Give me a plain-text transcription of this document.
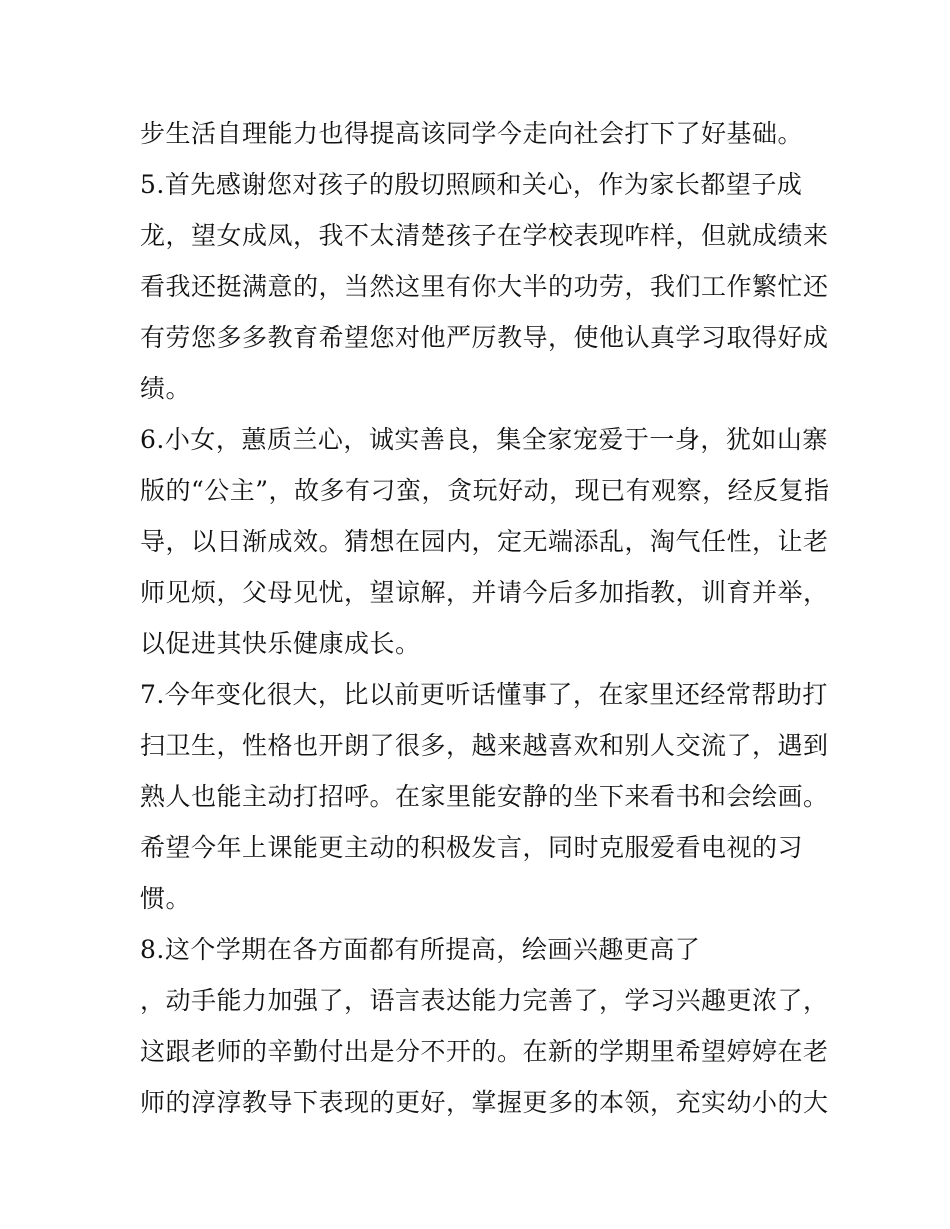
步生活自理能力也得提高该同学今走向社会打下了好基础。
5.首先感谢您对孩子的殷切照顾和关心，作为家长都望子成
龙，望女成凤，我不太清楚孩子在学校表现咋样，但就成绩来
看我还挺满意的，当然这里有你大半的功劳，我们工作繁忙还
有劳您多多教育希望您对他严厉教导，使他认真学习取得好成
绩。
6.小女，蕙质兰心，诚实善良，集全家宠爱于一身，犹如山寨
版的“公主”，故多有刁蛮，贪玩好动，现已有观察，经反复指
导，以日渐成效。猜想在园内，定无端添乱，淘气任性，让老
师见烦，父母见忧，望谅解，并请今后多加指教，训育并举，
以促进其快乐健康成长。
7.今年变化很大，比以前更听话懂事了，在家里还经常帮助打
扫卫生，性格也开朗了很多，越来越喜欢和别人交流了，遇到
熟人也能主动打招呼。在家里能安静的坐下来看书和会绘画。
希望今年上课能更主动的积极发言，同时克服爱看电视的习
惯。
8.这个学期在各方面都有所提高，绘画兴趣更高了
，动手能力加强了，语言表达能力完善了，学习兴趣更浓了，
这跟老师的辛勤付出是分不开的。在新的学期里希望婷婷在老
师的淳淳教导下表现的更好，掌握更多的本领，充实幼小的大
